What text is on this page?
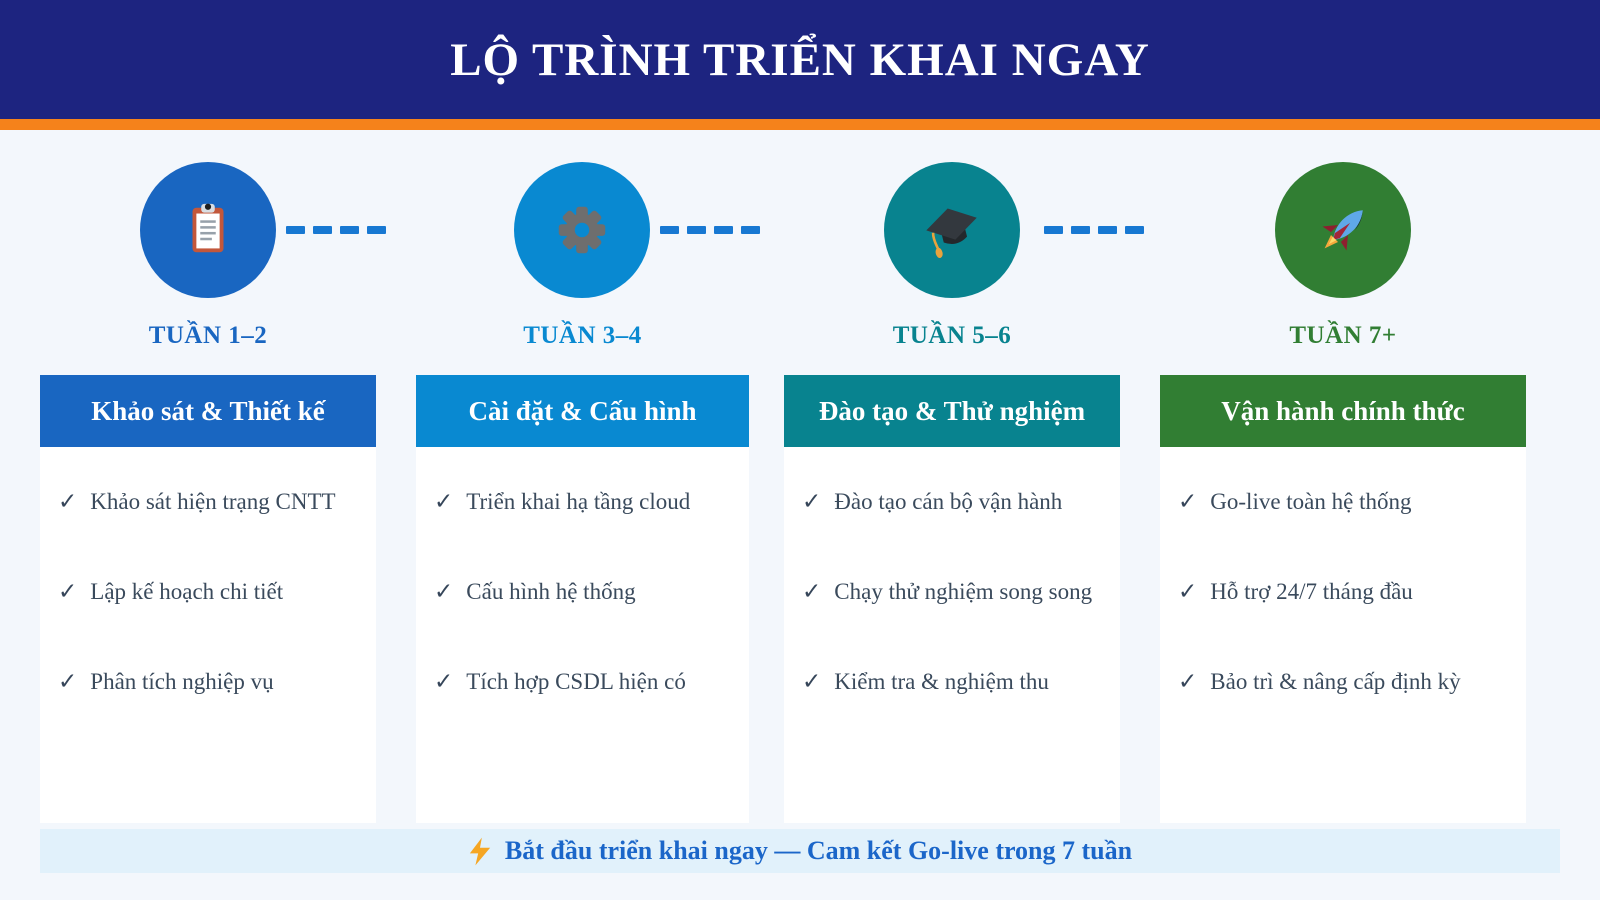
LỘ TRÌNH TRIỂN KHAI NGAY
TUẦN 1–2	TUẦN 3–4	TUẦN 5–6	TUẦN 7+
Khảo sát & Thiết kế	Cài đặt & Cấu hình	Đào tạo & Thử nghiệm	Vận hành chính thức
✓ Khảo sát hiện trạng CNTT
✓ Lập kế hoạch chi tiết
✓ Phân tích nghiệp vụ
✓ Triển khai hạ tầng cloud
✓ Cấu hình hệ thống
✓ Tích hợp CSDL hiện có
✓ Đào tạo cán bộ vận hành
✓ Chạy thử nghiệm song song
✓ Kiểm tra & nghiệm thu
✓ Go-live toàn hệ thống
✓ Hỗ trợ 24/7 tháng đầu
✓ Bảo trì & nâng cấp định kỳ
Bắt đầu triển khai ngay — Cam kết Go-live trong 7 tuần
